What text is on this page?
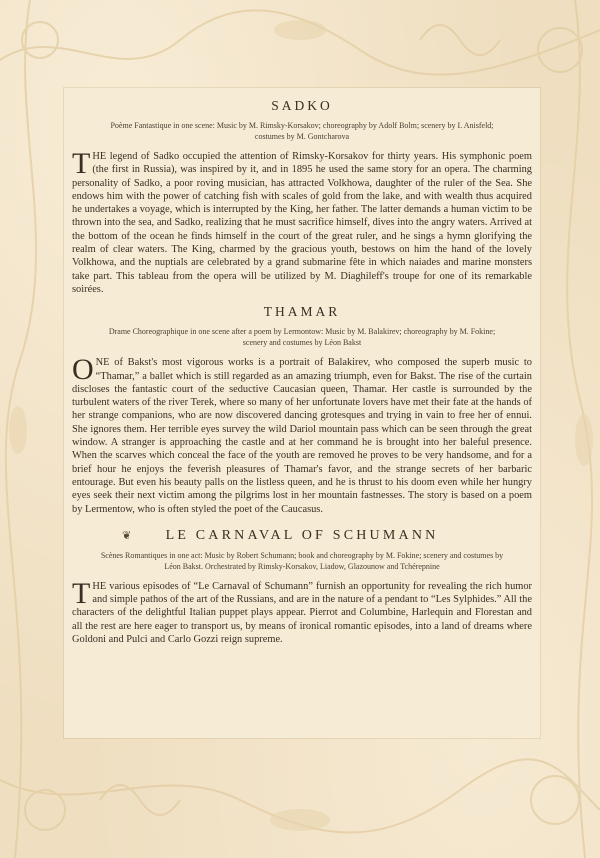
SADKO
Poème Fantastique in one scene: Music by M. Rimsky-Korsakov; choreography by Adolf Bolm; scenery by I. Anisfeld; costumes by M. Gontcharova

THE legend of Sadko occupied the attention of Rimsky-Korsakov for thirty years. His symphonic poem (the first in Russia), was inspired by it, and in 1895 he used the same story for an opera. The charming personality of Sadko, a poor roving musician, has attracted Volkhowa, daughter of the ruler of the Sea. She endows him with the power of catching fish with scales of gold from the lake, and with wealth thus acquired he undertakes a voyage, which is interrupted by the King, her father. The latter demands a human victim to be thrown into the sea, and Sadko, realizing that he must sacrifice himself, dives into the angry waters. Arrived at the bottom of the ocean he finds himself in the court of the great ruler, and he sings a hymn glorifying the realm of clear waters. The King, charmed by the gracious youth, bestows on him the hand of the lovely Volkhowa, and the nuptials are celebrated by a grand submarine fête in which naiades and marine monsters take part. This tableau from the opera will be utilized by M. Diaghileff's troupe for one of its remarkable soirées.

THAMAR
Drame Choreographique in one scene after a poem by Lermontow: Music by M. Balakirev; choreography by M. Fokine; scenery and costumes by Léon Bakst

ONE of Bakst's most vigorous works is a portrait of Balakirev, who composed the superb music to “Thamar,” a ballet which is still regarded as an amazing triumph, even for Bakst. The rise of the curtain discloses the fantastic court of the seductive Caucasian queen, Thamar. Her castle is surrounded by the turbulent waters of the river Terek, where so many of her unfortunate lovers have met their fate at the hands of her strange companions, who are now discovered dancing grotesques and trying in vain to free her of ennui. She ignores them. Her terrible eyes survey the wild Dariol mountain pass which can be seen through the great window. A stranger is approaching the castle and at her command he is brought into her baleful presence. When the scarves which conceal the face of the youth are removed he proves to be very handsome, and for a brief hour he enjoys the feverish pleasures of Thamar's favor, and the strange secrets of her barbaric entourage. But even his beauty palls on the listless queen, and he is thrust to his doom even while her hungry eyes seek their next victim among the pilgrims lost in her mountain fastnesses. The story is based on a poem by Lermentow, who is often styled the poet of the Caucasus.

❦	LE CARNAVAL OF SCHUMANN
Scènes Romantiques in one act: Music by Robert Schumann; book and choreography by M. Fokine; scenery and costumes by Léon Bakst. Orchestrated by Rimsky-Korsakov, Liadow, Glazounow and Tchérepnine

THE various episodes of “Le Carnaval of Schumann” furnish an opportunity for revealing the rich humor and simple pathos of the art of the Russians, and are in the nature of a pendant to “Les Sylphides.” All the characters of the delightful Italian puppet plays appear. Pierrot and Columbine, Harlequin and Florestan and all the rest are here eager to transport us, by means of ironical romantic episodes, into a land of dreams where Goldoni and Pulci and Carlo Gozzi reign supreme.
